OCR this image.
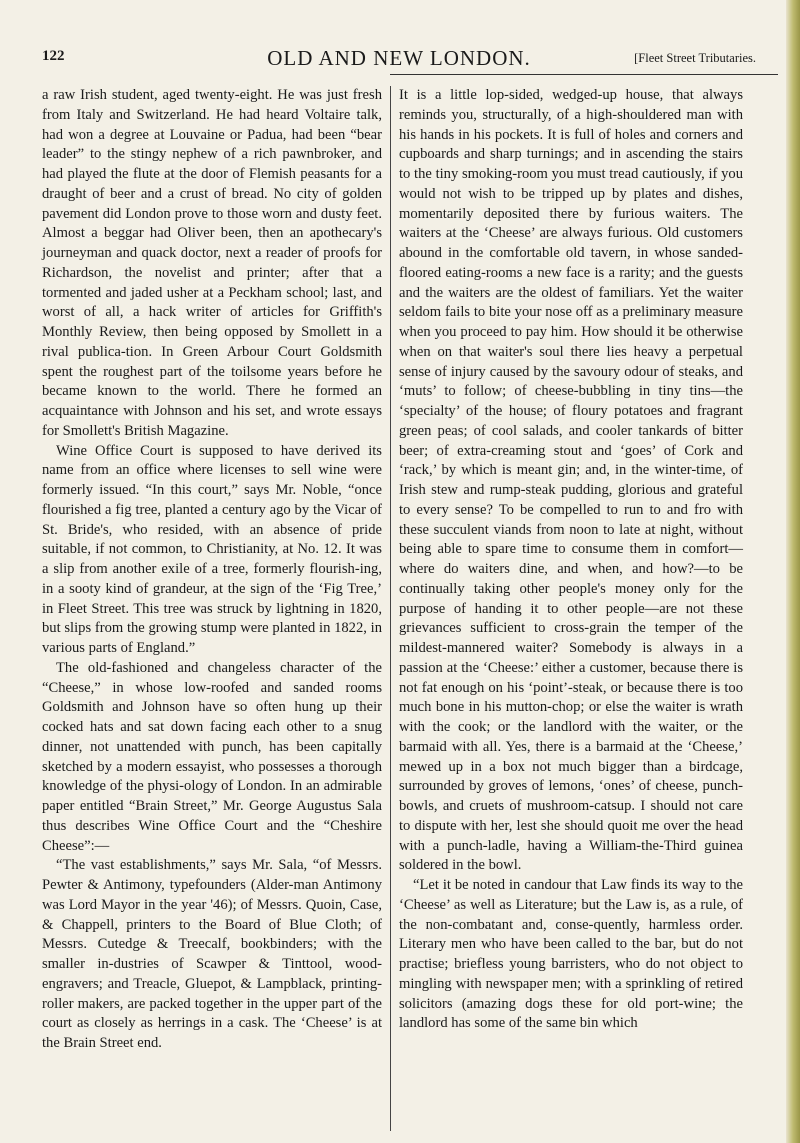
122	OLD AND NEW LONDON.	[Fleet Street Tributaries.

a raw Irish student, aged twenty-eight. He was just fresh from Italy and Switzerland. He had heard Voltaire talk, had won a degree at Louvaine or Padua, had been “bear leader” to the stingy nephew of a rich pawnbroker, and had played the flute at the door of Flemish peasants for a draught of beer and a crust of bread. No city of golden pavement did London prove to those worn and dusty feet. Almost a beggar had Oliver been, then an apothecary's journeyman and quack doctor, next a reader of proofs for Richardson, the novelist and printer; after that a tormented and jaded usher at a Peckham school; last, and worst of all, a hack writer of articles for Griffith's Monthly Review, then being opposed by Smollett in a rival publica-tion. In Green Arbour Court Goldsmith spent the roughest part of the toilsome years before he became known to the world. There he formed an acquaintance with Johnson and his set, and wrote essays for Smollett's British Magazine.

Wine Office Court is supposed to have derived its name from an office where licenses to sell wine were formerly issued. “In this court,” says Mr. Noble, “once flourished a fig tree, planted a century ago by the Vicar of St. Bride's, who resided, with an absence of pride suitable, if not common, to Christianity, at No. 12. It was a slip from another exile of a tree, formerly flourish-ing, in a sooty kind of grandeur, at the sign of the ‘Fig Tree,’ in Fleet Street. This tree was struck by lightning in 1820, but slips from the growing stump were planted in 1822, in various parts of England.”

The old-fashioned and changeless character of the “Cheese,” in whose low-roofed and sanded rooms Goldsmith and Johnson have so often hung up their cocked hats and sat down facing each other to a snug dinner, not unattended with punch, has been capitally sketched by a modern essayist, who possesses a thorough knowledge of the physi-ology of London. In an admirable paper entitled “Brain Street,” Mr. George Augustus Sala thus describes Wine Office Court and the “Cheshire Cheese”:—

“The vast establishments,” says Mr. Sala, “of Messrs. Pewter & Antimony, typefounders (Alder-man Antimony was Lord Mayor in the year '46); of Messrs. Quoin, Case, & Chappell, printers to the Board of Blue Cloth; of Messrs. Cutedge & Treecalf, bookbinders; with the smaller in-dustries of Scawper & Tinttool, wood-engravers; and Treacle, Gluepot, & Lampblack, printing-roller makers, are packed together in the upper part of the court as closely as herrings in a cask. The ‘Cheese’ is at the Brain Street end.

It is a little lop-sided, wedged-up house, that always reminds you, structurally, of a high-shouldered man with his hands in his pockets. It is full of holes and corners and cupboards and sharp turnings; and in ascending the stairs to the tiny smoking-room you must tread cautiously, if you would not wish to be tripped up by plates and dishes, momentarily deposited there by furious waiters. The waiters at the ‘Cheese’ are always furious. Old customers abound in the comfortable old tavern, in whose sanded-floored eating-rooms a new face is a rarity; and the guests and the waiters are the oldest of familiars. Yet the waiter seldom fails to bite your nose off as a preliminary measure when you proceed to pay him. How should it be otherwise when on that waiter's soul there lies heavy a perpetual sense of injury caused by the savoury odour of steaks, and ‘muts’ to follow; of cheese-bubbling in tiny tins—the ‘specialty’ of the house; of floury potatoes and fragrant green peas; of cool salads, and cooler tankards of bitter beer; of extra-creaming stout and ‘goes’ of Cork and ‘rack,’ by which is meant gin; and, in the winter-time, of Irish stew and rump-steak pudding, glorious and grateful to every sense? To be compelled to run to and fro with these succulent viands from noon to late at night, without being able to spare time to consume them in comfort—where do waiters dine, and when, and how?—to be continually taking other people's money only for the purpose of handing it to other people—are not these grievances sufficient to cross-grain the temper of the mildest-mannered waiter? Somebody is always in a passion at the ‘Cheese:’ either a customer, because there is not fat enough on his ‘point’-steak, or because there is too much bone in his mutton-chop; or else the waiter is wrath with the cook; or the landlord with the waiter, or the barmaid with all. Yes, there is a barmaid at the ‘Cheese,’ mewed up in a box not much bigger than a birdcage, surrounded by groves of lemons, ‘ones’ of cheese, punch-bowls, and cruets of mushroom-catsup. I should not care to dispute with her, lest she should quoit me over the head with a punch-ladle, having a William-the-Third guinea soldered in the bowl.

“Let it be noted in candour that Law finds its way to the ‘Cheese’ as well as Literature; but the Law is, as a rule, of the non-combatant and, conse-quently, harmless order. Literary men who have been called to the bar, but do not practise; briefless young barristers, who do not object to mingling with newspaper men; with a sprinkling of retired solicitors (amazing dogs these for old port-wine; the landlord has some of the same bin which
